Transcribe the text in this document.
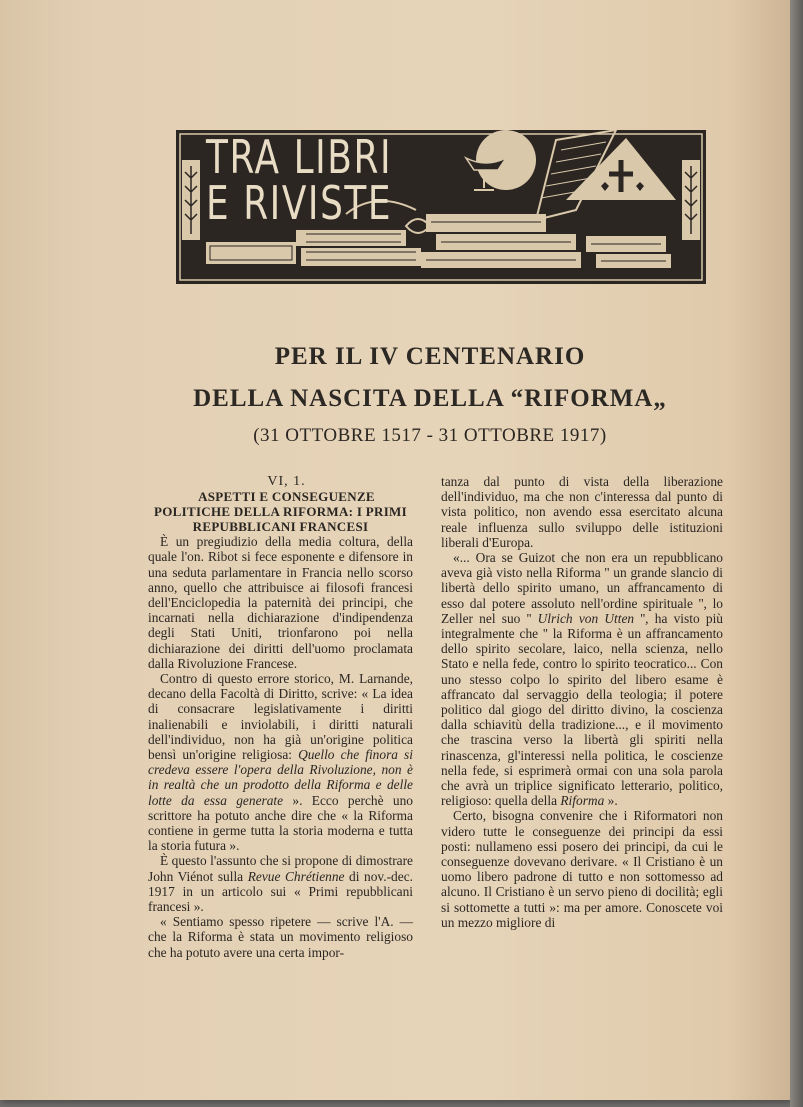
TRA LIBRI
E RIVISTE
PER IL IV CENTENARIO
DELLA NASCITA DELLA “RIFORMA„
(31 OTTOBRE 1517 - 31 OTTOBRE 1917)

VI, 1.

ASPETTI E CONSEGUENZE POLITICHE DELLA RIFORMA: I PRIMI REPUBBLICANI FRANCESI

È un pregiudizio della media coltura, della quale l'on. Ribot si fece esponente e difensore in una seduta parlamentare in Francia nello scorso anno, quello che attribuisce ai filosofi francesi dell'Enciclopedia la paternità dei principi, che incarnati nella dichiarazione d'indipendenza degli Stati Uniti, trionfarono poi nella dichiarazione dei diritti dell'uomo proclamata dalla Rivoluzione Francese.

Contro di questo errore storico, M. Larnande, decano della Facoltà di Diritto, scrive: « La idea di consacrare legislativamente i diritti inalienabili e inviolabili, i diritti naturali dell'individuo, non ha già un'origine politica bensì un'origine religiosa: Quello che finora si credeva essere l'opera della Rivoluzione, non è in realtà che un prodotto della Riforma e delle lotte da essa generate ». Ecco perchè uno scrittore ha potuto anche dire che « la Riforma contiene in germe tutta la storia moderna e tutta la storia futura ».

È questo l'assunto che si propone di dimostrare John Viénot sulla Revue Chrétienne di nov.-dec. 1917 in un articolo sui « Primi repubblicani francesi ».

« Sentiamo spesso ripetere — scrive l'A. — che la Riforma è stata un movimento religioso che ha potuto avere una certa impor-

tanza dal punto di vista della liberazione dell'individuo, ma che non c'interessa dal punto di vista politico, non avendo essa esercitato alcuna reale influenza sullo sviluppo delle istituzioni liberali d'Europa.

«... Ora se Guizot che non era un repubblicano aveva già visto nella Riforma '' un grande slancio di libertà dello spirito umano, un affrancamento di esso dal potere assoluto nell'ordine spirituale '', lo Zeller nel suo '' Ulrich von Utten '', ha visto più integralmente che '' la Riforma è un affrancamento dello spirito secolare, laico, nella scienza, nello Stato e nella fede, contro lo spirito teocratico... Con uno stesso colpo lo spirito del libero esame è affrancato dal servaggio della teologia; il potere politico dal giogo del diritto divino, la coscienza dalla schiavitù della tradizione..., e il movimento che trascina verso la libertà gli spiriti nella rinascenza, gl'interessi nella politica, le coscienze nella fede, si esprimerà ormai con una sola parola che avrà un triplice significato letterario, politico, religioso: quella della Riforma ».

Certo, bisogna convenire che i Riformatori non videro tutte le conseguenze dei principi da essi posti: nullameno essi posero dei principi, da cui le conseguenze dovevano derivare. « Il Cristiano è un uomo libero padrone di tutto e non sottomesso ad alcuno. Il Cristiano è un servo pieno di docilità; egli si sottomette a tutti »: ma per amore. Conoscete voi un mezzo migliore di
